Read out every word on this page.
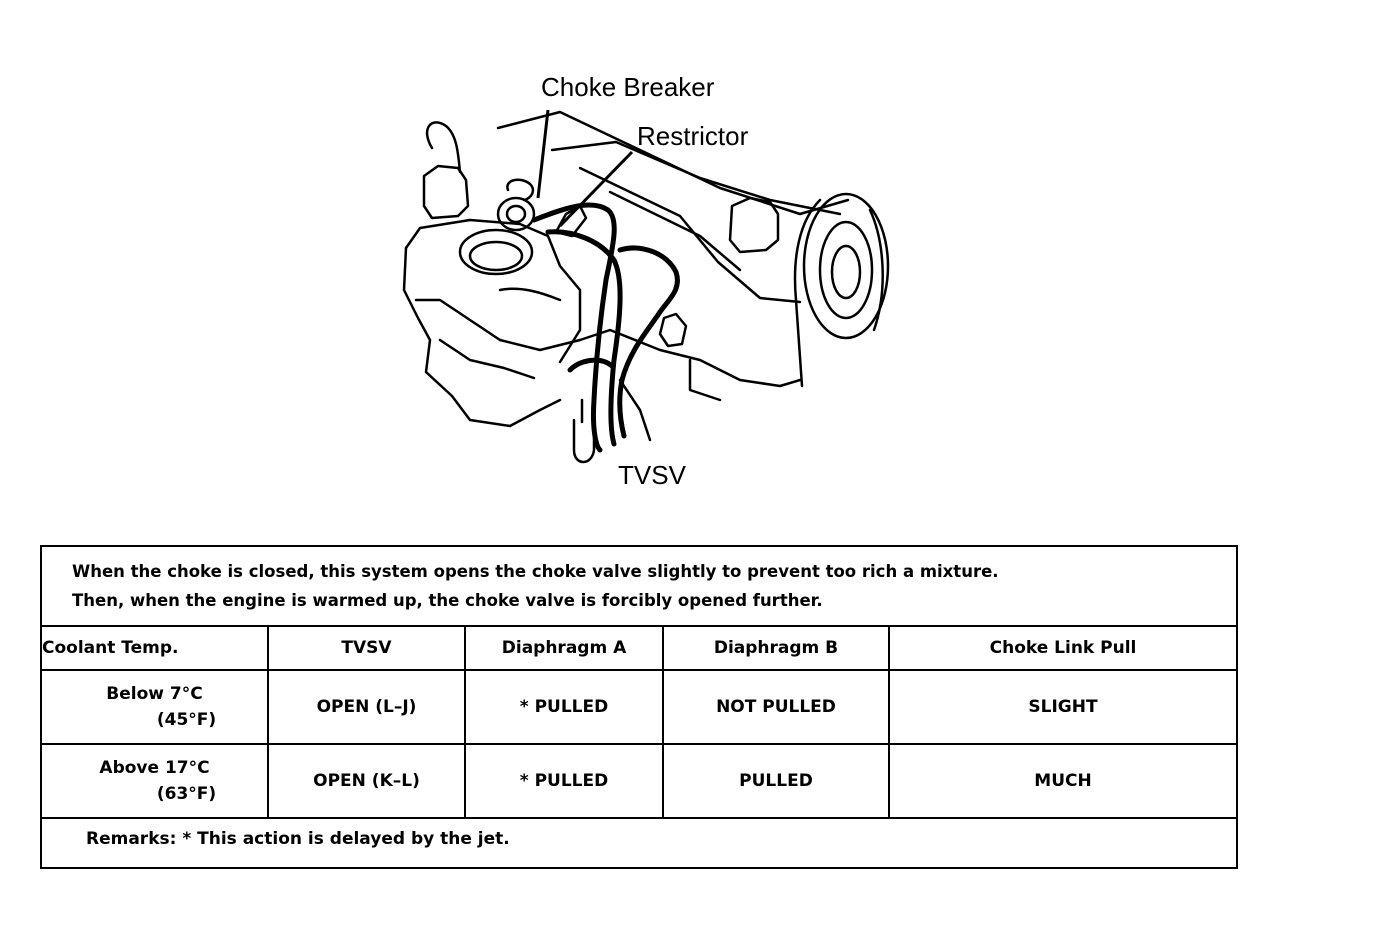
Choke Breaker
Restrictor
TVSV
When the choke is closed, this system opens the choke valve slightly to prevent too rich a mixture.
Then, when the engine is warmed up, the choke valve is forcibly opened further.
Coolant Temp.	TVSV	Diaphragm A	Diaphragm B	Choke Link Pull

Below 7°C
(45°F)	OPEN (L–J)	* PULLED	NOT PULLED	SLIGHT

Above 17°C
(63°F)	OPEN (K–L)	* PULLED	PULLED	MUCH
Remarks: * This action is delayed by the jet.
